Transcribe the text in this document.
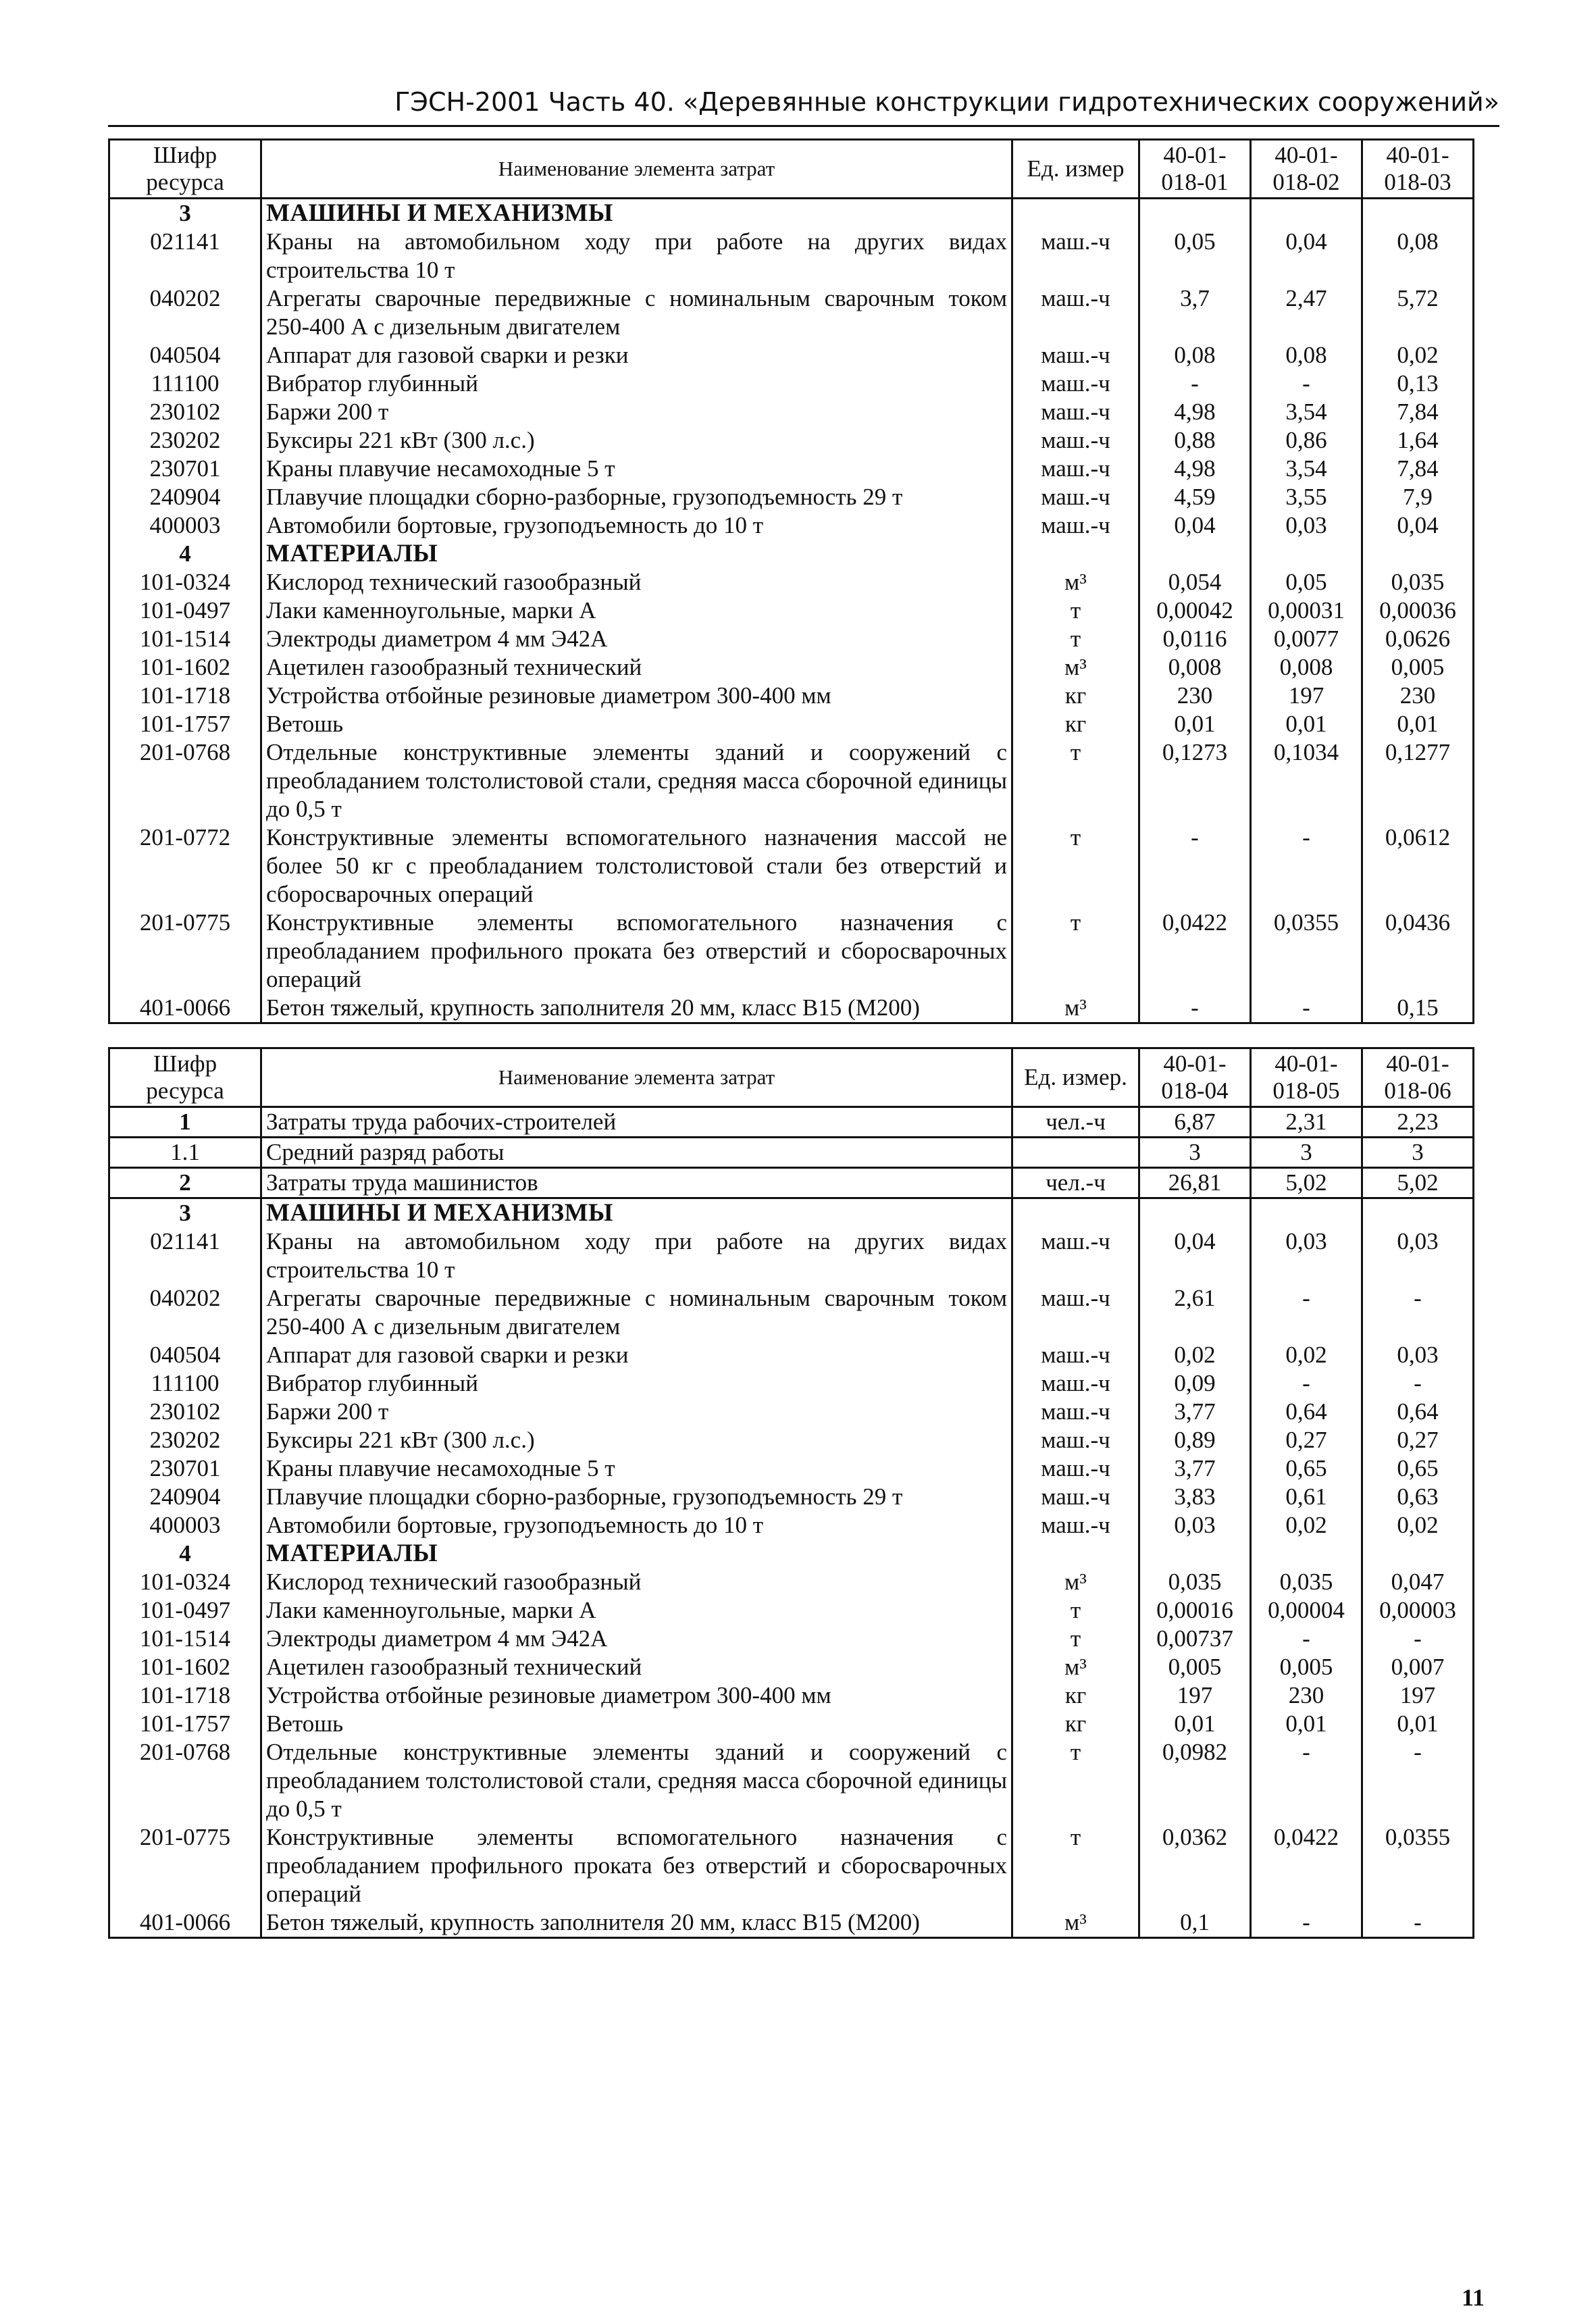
ГЭСН-2001 Часть 40. «Деревянные конструкции гидротехнических сооружений»
Шифр ресурса	Наименование элемента затрат	Ед. измер	40-01-018-01	40-01-018-02	40-01-018-03
3	МАШИНЫ И МЕХАНИЗМЫ				
021141	Краны на автомобильном ходу при работе на других видах строительства 10 т	маш.-ч	0,05	0,04	0,08
040202	Агрегаты сварочные передвижные с номинальным сварочным током 250-400 А с дизельным двигателем	маш.-ч	3,7	2,47	5,72
040504	Аппарат для газовой сварки и резки	маш.-ч	0,08	0,08	0,02
111100	Вибратор глубинный	маш.-ч	-	-	0,13
230102	Баржи 200 т	маш.-ч	4,98	3,54	7,84
230202	Буксиры 221 кВт (300 л.с.)	маш.-ч	0,88	0,86	1,64
230701	Краны плавучие несамоходные 5 т	маш.-ч	4,98	3,54	7,84
240904	Плавучие площадки сборно-разборные, грузоподъемность 29 т	маш.-ч	4,59	3,55	7,9
400003	Автомобили бортовые, грузоподъемность до 10 т	маш.-ч	0,04	0,03	0,04
4	МАТЕРИАЛЫ				
101-0324	Кислород технический газообразный	м³	0,054	0,05	0,035
101-0497	Лаки каменноугольные, марки А	т	0,00042	0,00031	0,00036
101-1514	Электроды диаметром 4 мм Э42А	т	0,0116	0,0077	0,0626
101-1602	Ацетилен газообразный технический	м³	0,008	0,008	0,005
101-1718	Устройства отбойные резиновые диаметром 300-400 мм	кг	230	197	230
101-1757	Ветошь	кг	0,01	0,01	0,01
201-0768	Отдельные конструктивные элементы зданий и сооружений с преобладанием толстолистовой стали, средняя масса сборочной единицы до 0,5 т	т	0,1273	0,1034	0,1277
201-0772	Конструктивные элементы вспомогательного назначения массой не более 50 кг с преобладанием толстолистовой стали без отверстий и сборосварочных операций	т	-	-	0,0612
201-0775	Конструктивные элементы вспомогательного назначения с преобладанием профильного проката без отверстий и сборосварочных операций	т	0,0422	0,0355	0,0436
401-0066	Бетон тяжелый, крупность заполнителя 20 мм, класс В15 (М200)	м³	-	-	0,15
Шифр ресурса	Наименование элемента затрат	Ед. измер.	40-01-018-04	40-01-018-05	40-01-018-06
1	Затраты труда рабочих-строителей	чел.-ч	6,87	2,31	2,23
1.1	Средний разряд работы		3	3	3
2	Затраты труда машинистов	чел.-ч	26,81	5,02	5,02
3	МАШИНЫ И МЕХАНИЗМЫ				
021141	Краны на автомобильном ходу при работе на других видах строительства 10 т	маш.-ч	0,04	0,03	0,03
040202	Агрегаты сварочные передвижные с номинальным сварочным током 250-400 А с дизельным двигателем	маш.-ч	2,61	-	-
040504	Аппарат для газовой сварки и резки	маш.-ч	0,02	0,02	0,03
111100	Вибратор глубинный	маш.-ч	0,09	-	-
230102	Баржи 200 т	маш.-ч	3,77	0,64	0,64
230202	Буксиры 221 кВт (300 л.с.)	маш.-ч	0,89	0,27	0,27
230701	Краны плавучие несамоходные 5 т	маш.-ч	3,77	0,65	0,65
240904	Плавучие площадки сборно-разборные, грузоподъемность 29 т	маш.-ч	3,83	0,61	0,63
400003	Автомобили бортовые, грузоподъемность до 10 т	маш.-ч	0,03	0,02	0,02
4	МАТЕРИАЛЫ				
101-0324	Кислород технический газообразный	м³	0,035	0,035	0,047
101-0497	Лаки каменноугольные, марки А	т	0,00016	0,00004	0,00003
101-1514	Электроды диаметром 4 мм Э42А	т	0,00737	-	-
101-1602	Ацетилен газообразный технический	м³	0,005	0,005	0,007
101-1718	Устройства отбойные резиновые диаметром 300-400 мм	кг	197	230	197
101-1757	Ветошь	кг	0,01	0,01	0,01
201-0768	Отдельные конструктивные элементы зданий и сооружений с преобладанием толстолистовой стали, средняя масса сборочной единицы до 0,5 т	т	0,0982	-	-
201-0775	Конструктивные элементы вспомогательного назначения с преобладанием профильного проката без отверстий и сборосварочных операций	т	0,0362	0,0422	0,0355
401-0066	Бетон тяжелый, крупность заполнителя 20 мм, класс В15 (М200)	м³	0,1	-	-
11
